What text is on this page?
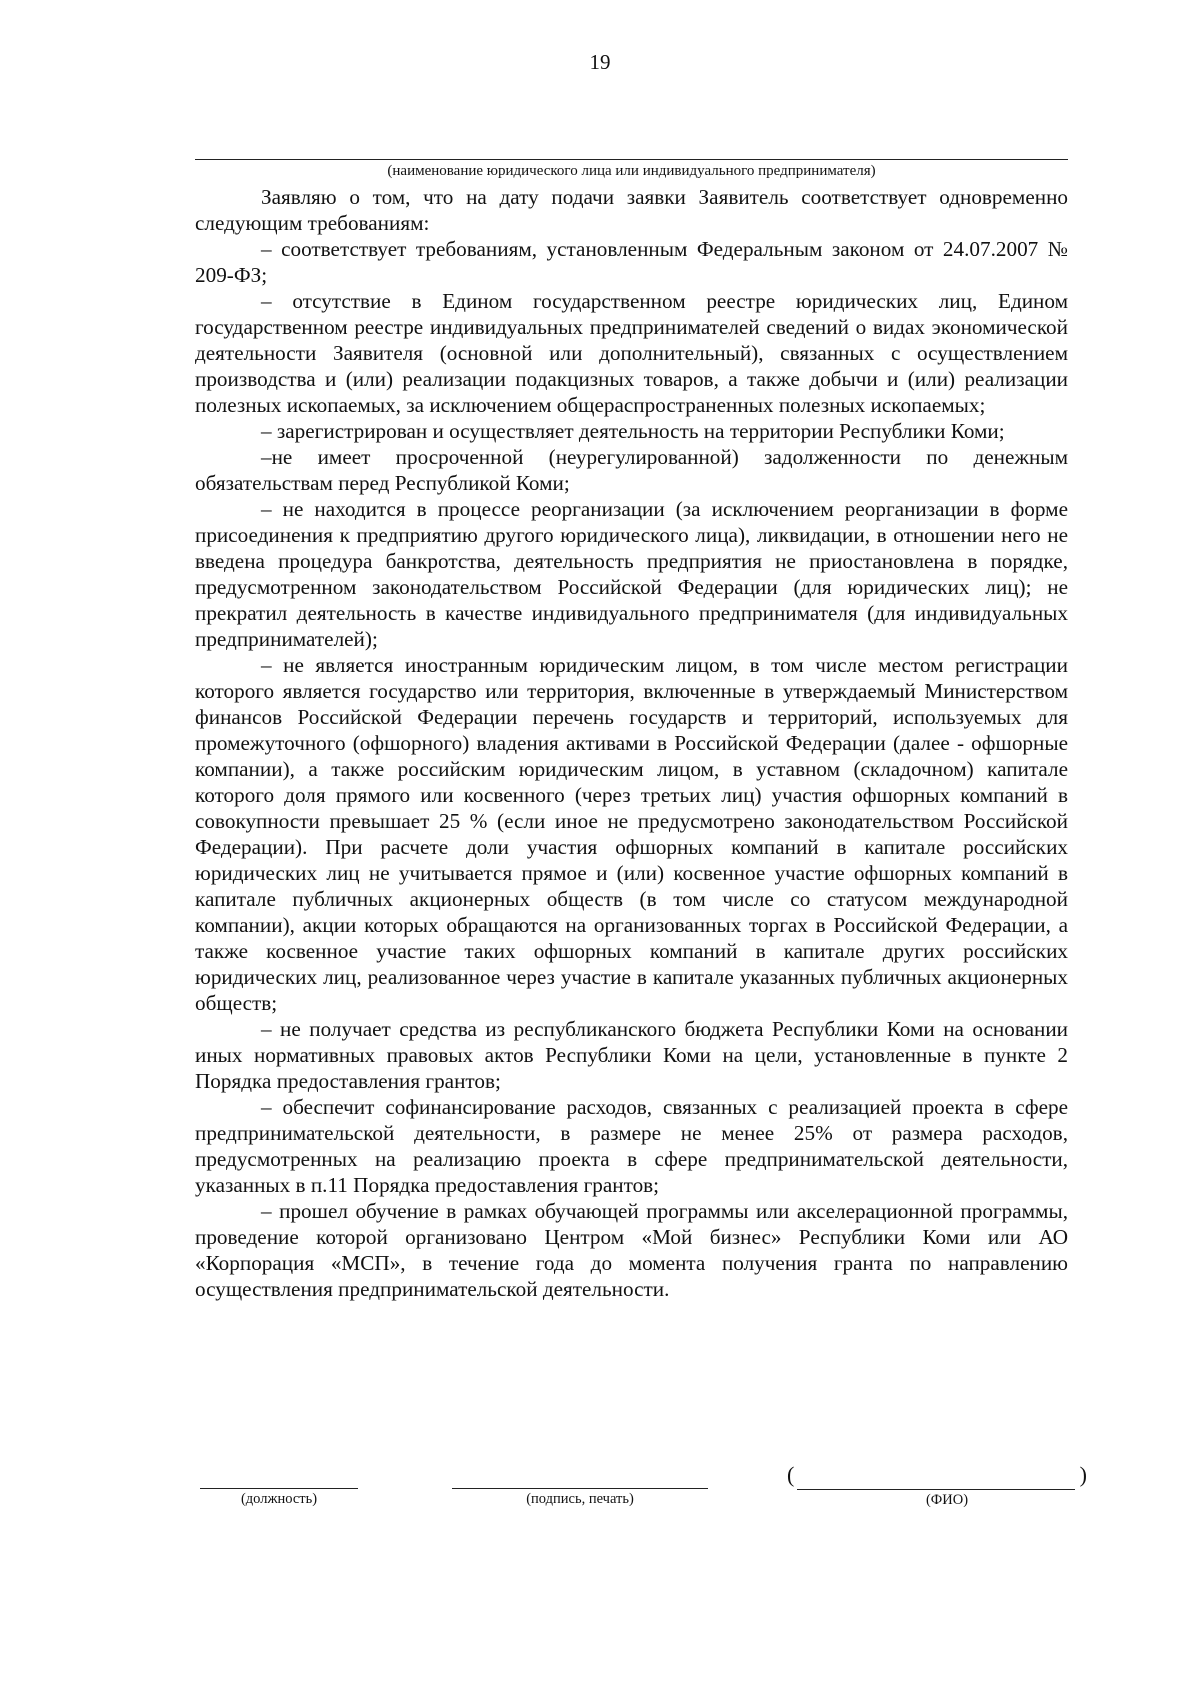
19
(наименование юридического лица или индивидуального предпринимателя)

Заявляю о том, что на дату подачи заявки Заявитель соответствует одновременно следующим требованиям:

– соответствует требованиям, установленным Федеральным законом от 24.07.2007 № 209-ФЗ;

– отсутствие в Едином государственном реестре юридических лиц, Едином государственном реестре индивидуальных предпринимателей сведений о видах экономической деятельности Заявителя (основной или дополнительный), связанных с осуществлением производства и (или) реализации подакцизных товаров, а также добычи и (или) реализации полезных ископаемых, за исключением общераспространенных полезных ископаемых;

– зарегистрирован и осуществляет деятельность на территории Республики Коми;

–не имеет просроченной (неурегулированной) задолженности по денежным обязательствам перед Республикой Коми;

– не находится в процессе реорганизации (за исключением реорганизации в форме присоединения к предприятию другого юридического лица), ликвидации, в отношении него не введена процедура банкротства, деятельность предприятия не приостановлена в порядке, предусмотренном законодательством Российской Федерации (для юридических лиц); не прекратил деятельность в качестве индивидуального предпринимателя (для индивидуальных предпринимателей);

– не является иностранным юридическим лицом, в том числе местом регистрации которого является государство или территория, включенные в утверждаемый Министерством финансов Российской Федерации перечень государств и территорий, используемых для промежуточного (офшорного) владения активами в Российской Федерации (далее - офшорные компании), а также российским юридическим лицом, в уставном (складочном) капитале которого доля прямого или косвенного (через третьих лиц) участия офшорных компаний в совокупности превышает 25 % (если иное не предусмотрено законодательством Российской Федерации). При расчете доли участия офшорных компаний в капитале российских юридических лиц не учитывается прямое и (или) косвенное участие офшорных компаний в капитале публичных акционерных обществ (в том числе со статусом международной компании), акции которых обращаются на организованных торгах в Российской Федерации, а также косвенное участие таких офшорных компаний в капитале других российских юридических лиц, реализованное через участие в капитале указанных публичных акционерных обществ;

– не получает средства из республиканского бюджета Республики Коми на основании иных нормативных правовых актов Республики Коми на цели, установленные в пункте 2 Порядка предоставления грантов;

– обеспечит софинансирование расходов, связанных с реализацией проекта в сфере предпринимательской деятельности, в размере не менее 25% от размера расходов, предусмотренных на реализацию проекта в сфере предпринимательской деятельности, указанных в п.11 Порядка предоставления грантов;

– прошел обучение в рамках обучающей программы или акселерационной программы, проведение которой организовано Центром «Мой бизнес» Республики Коми или АО «Корпорация «МСП», в течение года до момента получения гранта по направлению осуществления предпринимательской деятельности.

(должность)	(подпись, печать)
(	)
(ФИО)
